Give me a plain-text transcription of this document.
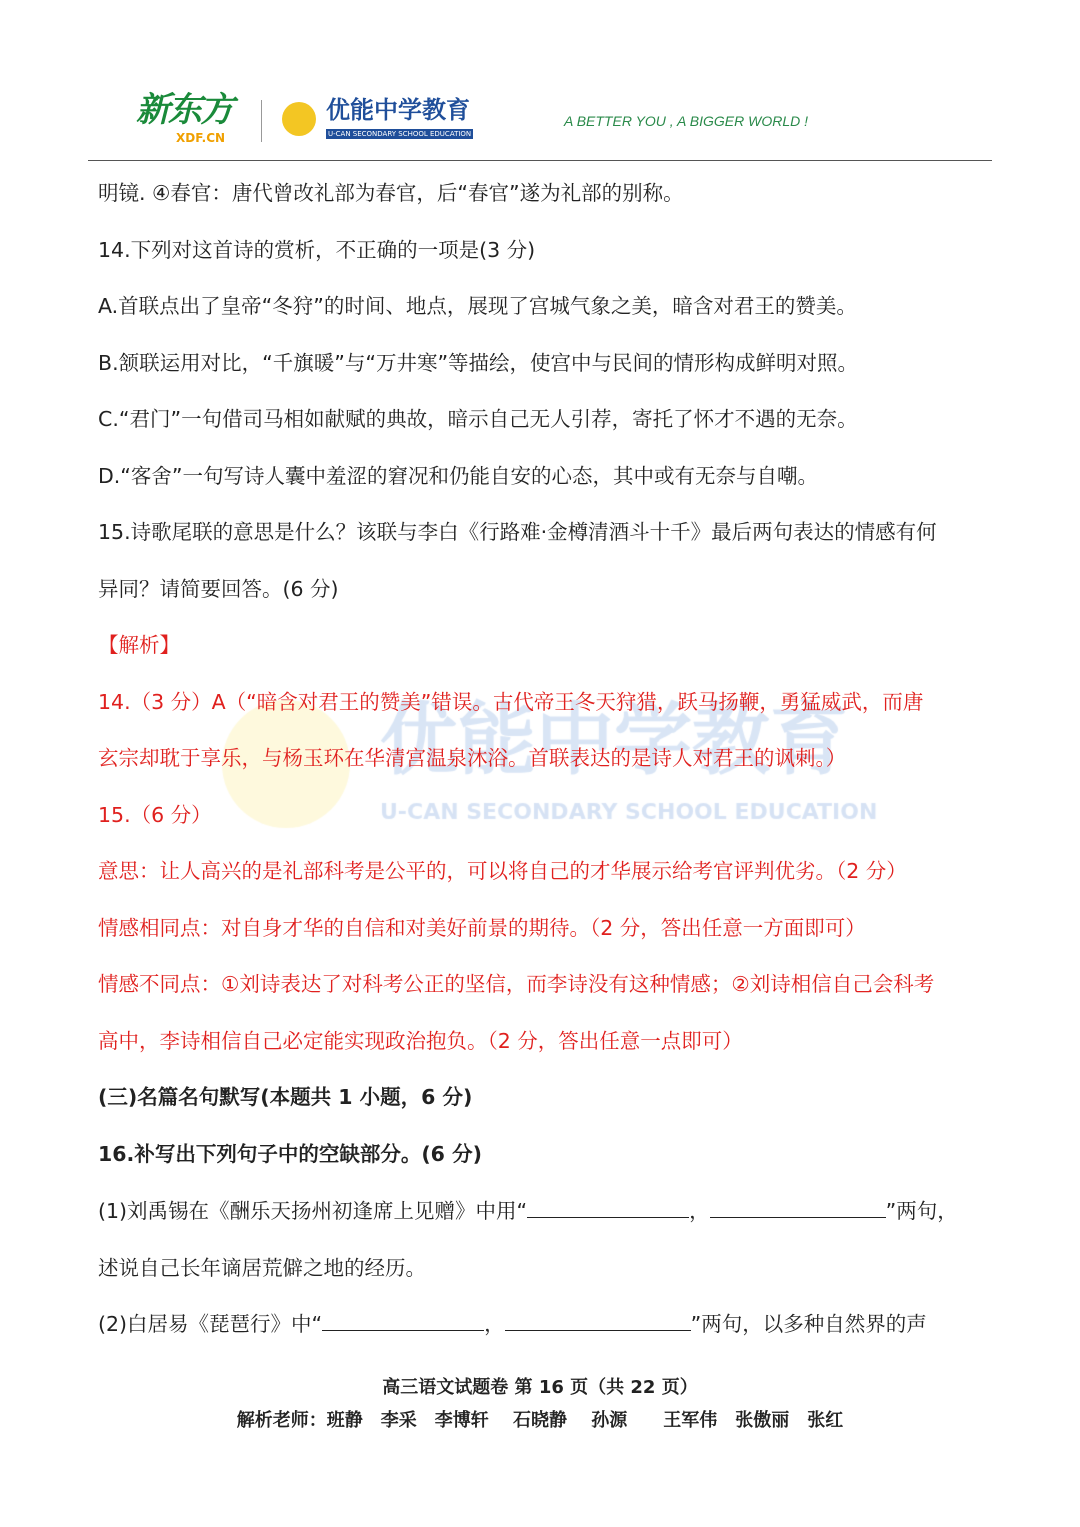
新东方
XDF.CN
优能中学教育
U-CAN SECONDARY SCHOOL EDUCATION
A BETTER YOU , A BIGGER WORLD !
明镜. ④春官：唐代曾改礼部为春官，后“春官”遂为礼部的别称。
14.下列对这首诗的赏析，不正确的一项是(3 分)
A.首联点出了皇帝“冬狩”的时间、地点，展现了宫城气象之美，暗含对君王的赞美。
B.颔联运用对比，“千旗暖”与“万井寒”等描绘，使宫中与民间的情形构成鲜明对照。
C.“君门”一句借司马相如献赋的典故，暗示自己无人引荐，寄托了怀才不遇的无奈。
D.“客舍”一句写诗人囊中羞涩的窘况和仍能自安的心态，其中或有无奈与自嘲。
15.诗歌尾联的意思是什么？该联与李白《行路难·金樽清酒斗十千》最后两句表达的情感有何
异同？请简要回答。(6 分)
【解析】
14.（3 分）A（“暗含对君王的赞美”错误。古代帝王冬天狩猎，跃马扬鞭，勇猛威武，而唐
玄宗却耽于享乐，与杨玉环在华清宫温泉沐浴。首联表达的是诗人对君王的讽刺。）
15.（6 分）
意思：让人高兴的是礼部科考是公平的，可以将自己的才华展示给考官评判优劣。（2 分）
情感相同点：对自身才华的自信和对美好前景的期待。（2 分，答出任意一方面即可）
情感不同点：①刘诗表达了对科考公正的坚信，而李诗没有这种情感；②刘诗相信自己会科考
高中，李诗相信自己必定能实现政治抱负。（2 分，答出任意一点即可）
(三)名篇名句默写(本题共 1 小题，6 分)
16.补写出下列句子中的空缺部分。(6 分)
(1)刘禹锡在《酬乐天扬州初逢席上见赠》中用“	，	”两句，
述说自己长年谪居荒僻之地的经历。
(2)白居易《琵琶行》中“	，	”两句，以多种自然界的声
高三语文试题卷 第 16 页（共 22 页）
解析老师：班静　李采　李博轩　 石晓静　 孙源　　王军伟　张傲丽　张红
